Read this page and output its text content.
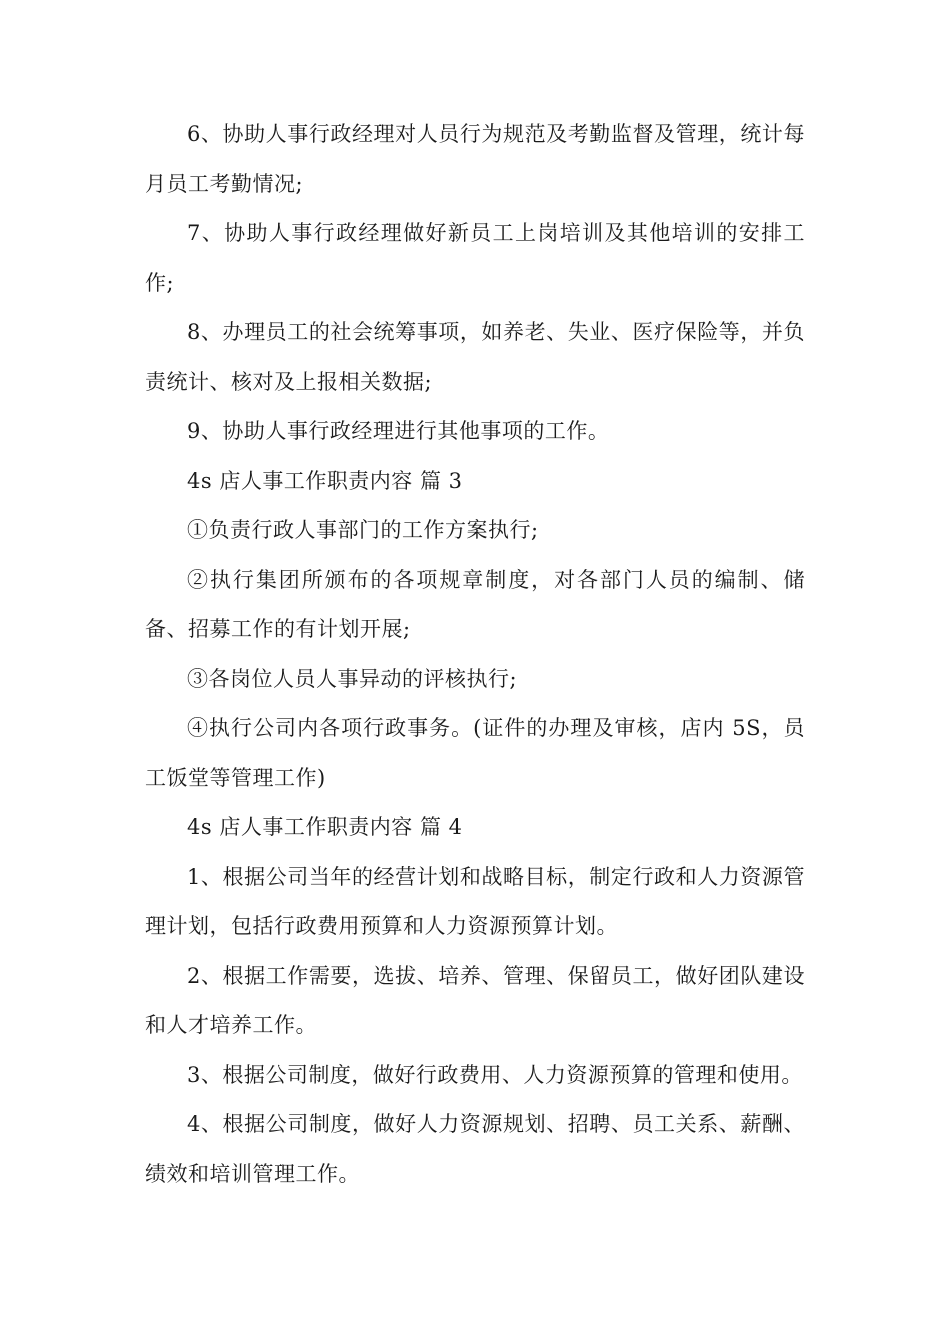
6、协助人事行政经理对人员行为规范及考勤监督及管理，统计每月员工考勤情况;

7、协助人事行政经理做好新员工上岗培训及其他培训的安排工作;

8、办理员工的社会统筹事项，如养老、失业、医疗保险等，并负责统计、核对及上报相关数据;

9、协助人事行政经理进行其他事项的工作。

4s 店人事工作职责内容 篇 3

①负责行政人事部门的工作方案执行;

②执行集团所颁布的各项规章制度，对各部门人员的编制、储备、招募工作的有计划开展;

③各岗位人员人事异动的评核执行;

④执行公司内各项行政事务。(证件的办理及审核，店内 5S，员工饭堂等管理工作)

4s 店人事工作职责内容 篇 4

1、根据公司当年的经营计划和战略目标，制定行政和人力资源管理计划，包括行政费用预算和人力资源预算计划。

2、根据工作需要，选拔、培养、管理、保留员工，做好团队建设和人才培养工作。

3、根据公司制度，做好行政费用、人力资源预算的管理和使用。

4、根据公司制度，做好人力资源规划、招聘、员工关系、薪酬、绩效和培训管理工作。
